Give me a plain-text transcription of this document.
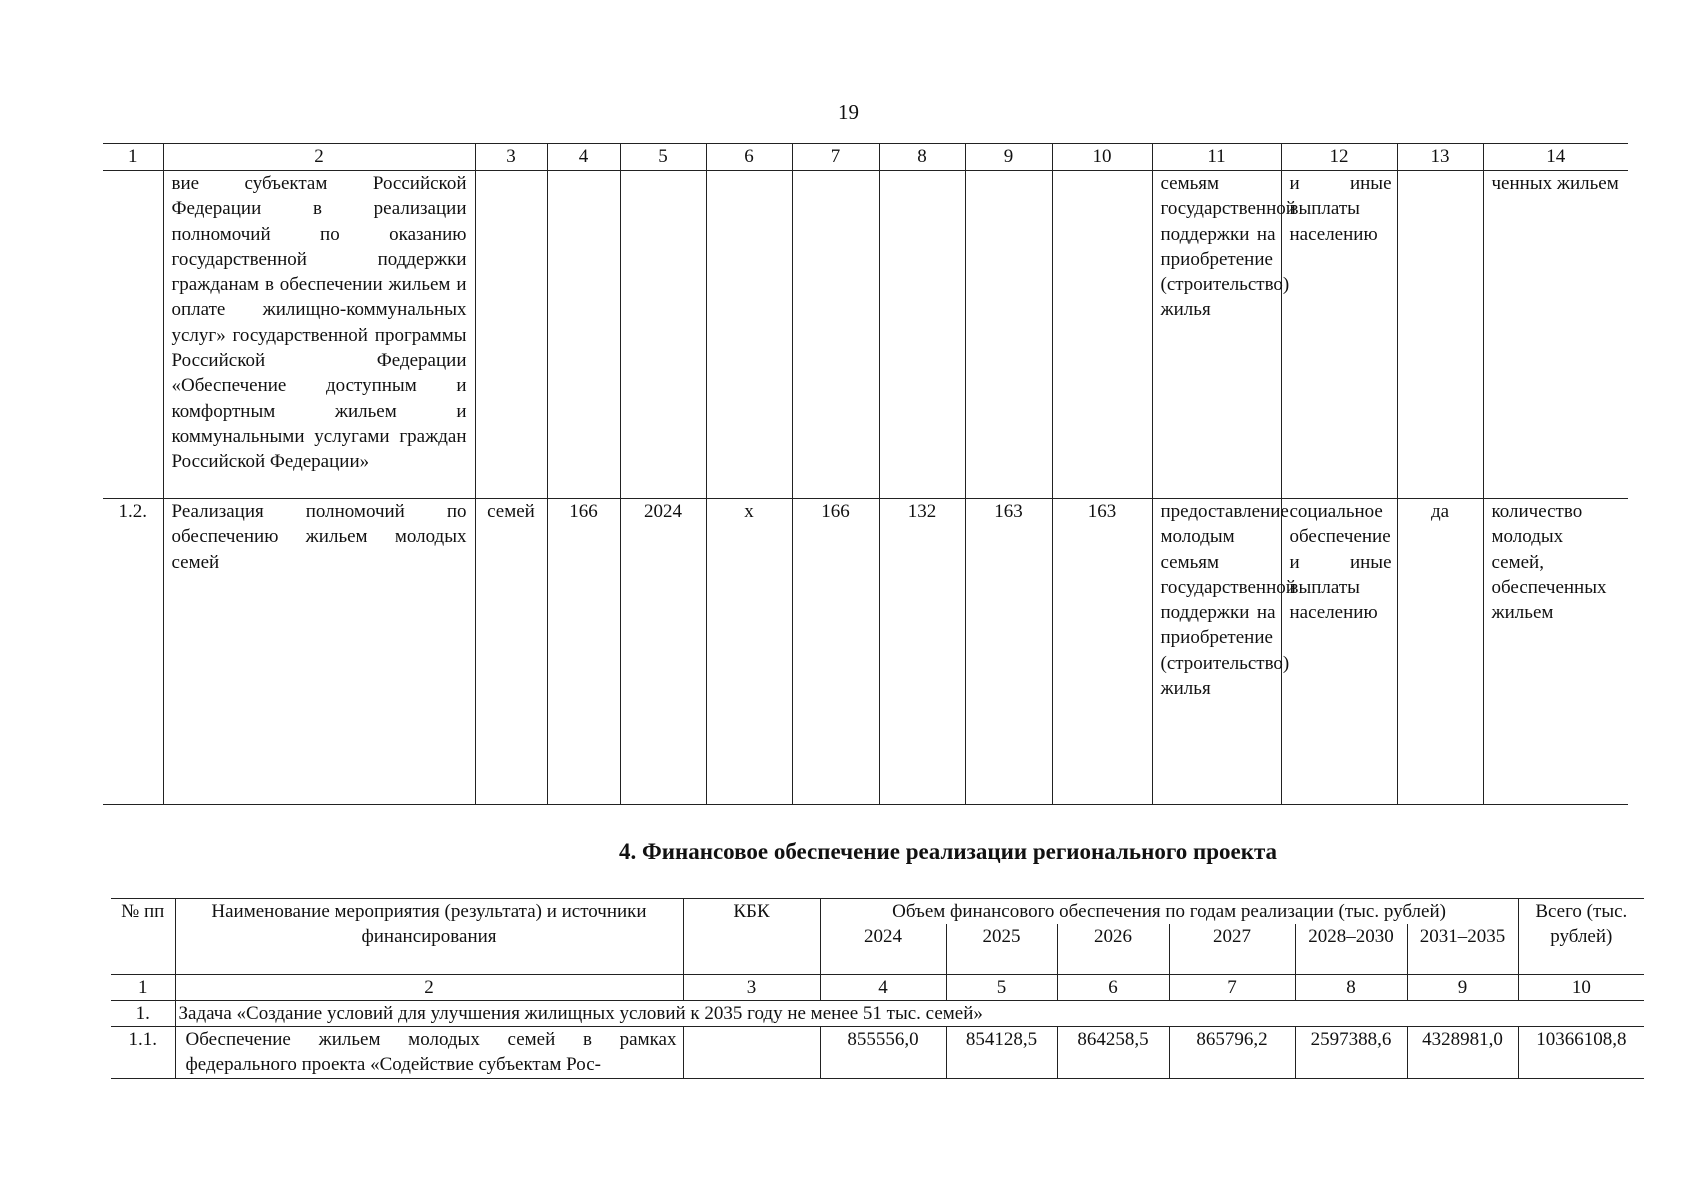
19
1	2	3	4	5	6	7	8	9	10	11	12	13	14
	вие субъектам Российской Федерации в реализации полномочий по оказанию государственной поддержки гражданам в обеспечении жильем и оплате жилищно-коммунальных услуг» государственной программы Российской Федерации «Обеспечение доступным и комфортным жильем и коммунальными услугами граждан Российской Федерации»									семьям государственной поддержки на приобретение (строительство) жилья	и иные выплаты населению		ченных жильем
1.2.	Реализация полномочий по обеспечению жильем молодых семей	семей	166	2024	х	166	132	163	163	предоставление молодым семьям государственной поддержки на приобретение (строительство) жилья	социальное обеспечение и иные выплаты населению	да	количество молодых семей, обеспеченных жильем
4. Финансовое обеспечение реализации регионального проекта
№ пп	Наименование мероприятия (результата) и источники финансирования	КБК	Объем финансового обеспечения по годам реализации (тыс. рублей)						Всего (тыс. рублей)
			2024	2025	2026	2027	2028–2030	2031–2035	
1	2	3	4	5	6	7	8	9	10
1.	Задача «Создание условий для улучшения жилищных условий к 2035 году не менее 51 тыс. семей»								
1.1.	Обеспечение жильем молодых семей в рамках федерального проекта «Содействие субъектам Рос-		855556,0	854128,5	864258,5	865796,2	2597388,6	4328981,0	10366108,8
